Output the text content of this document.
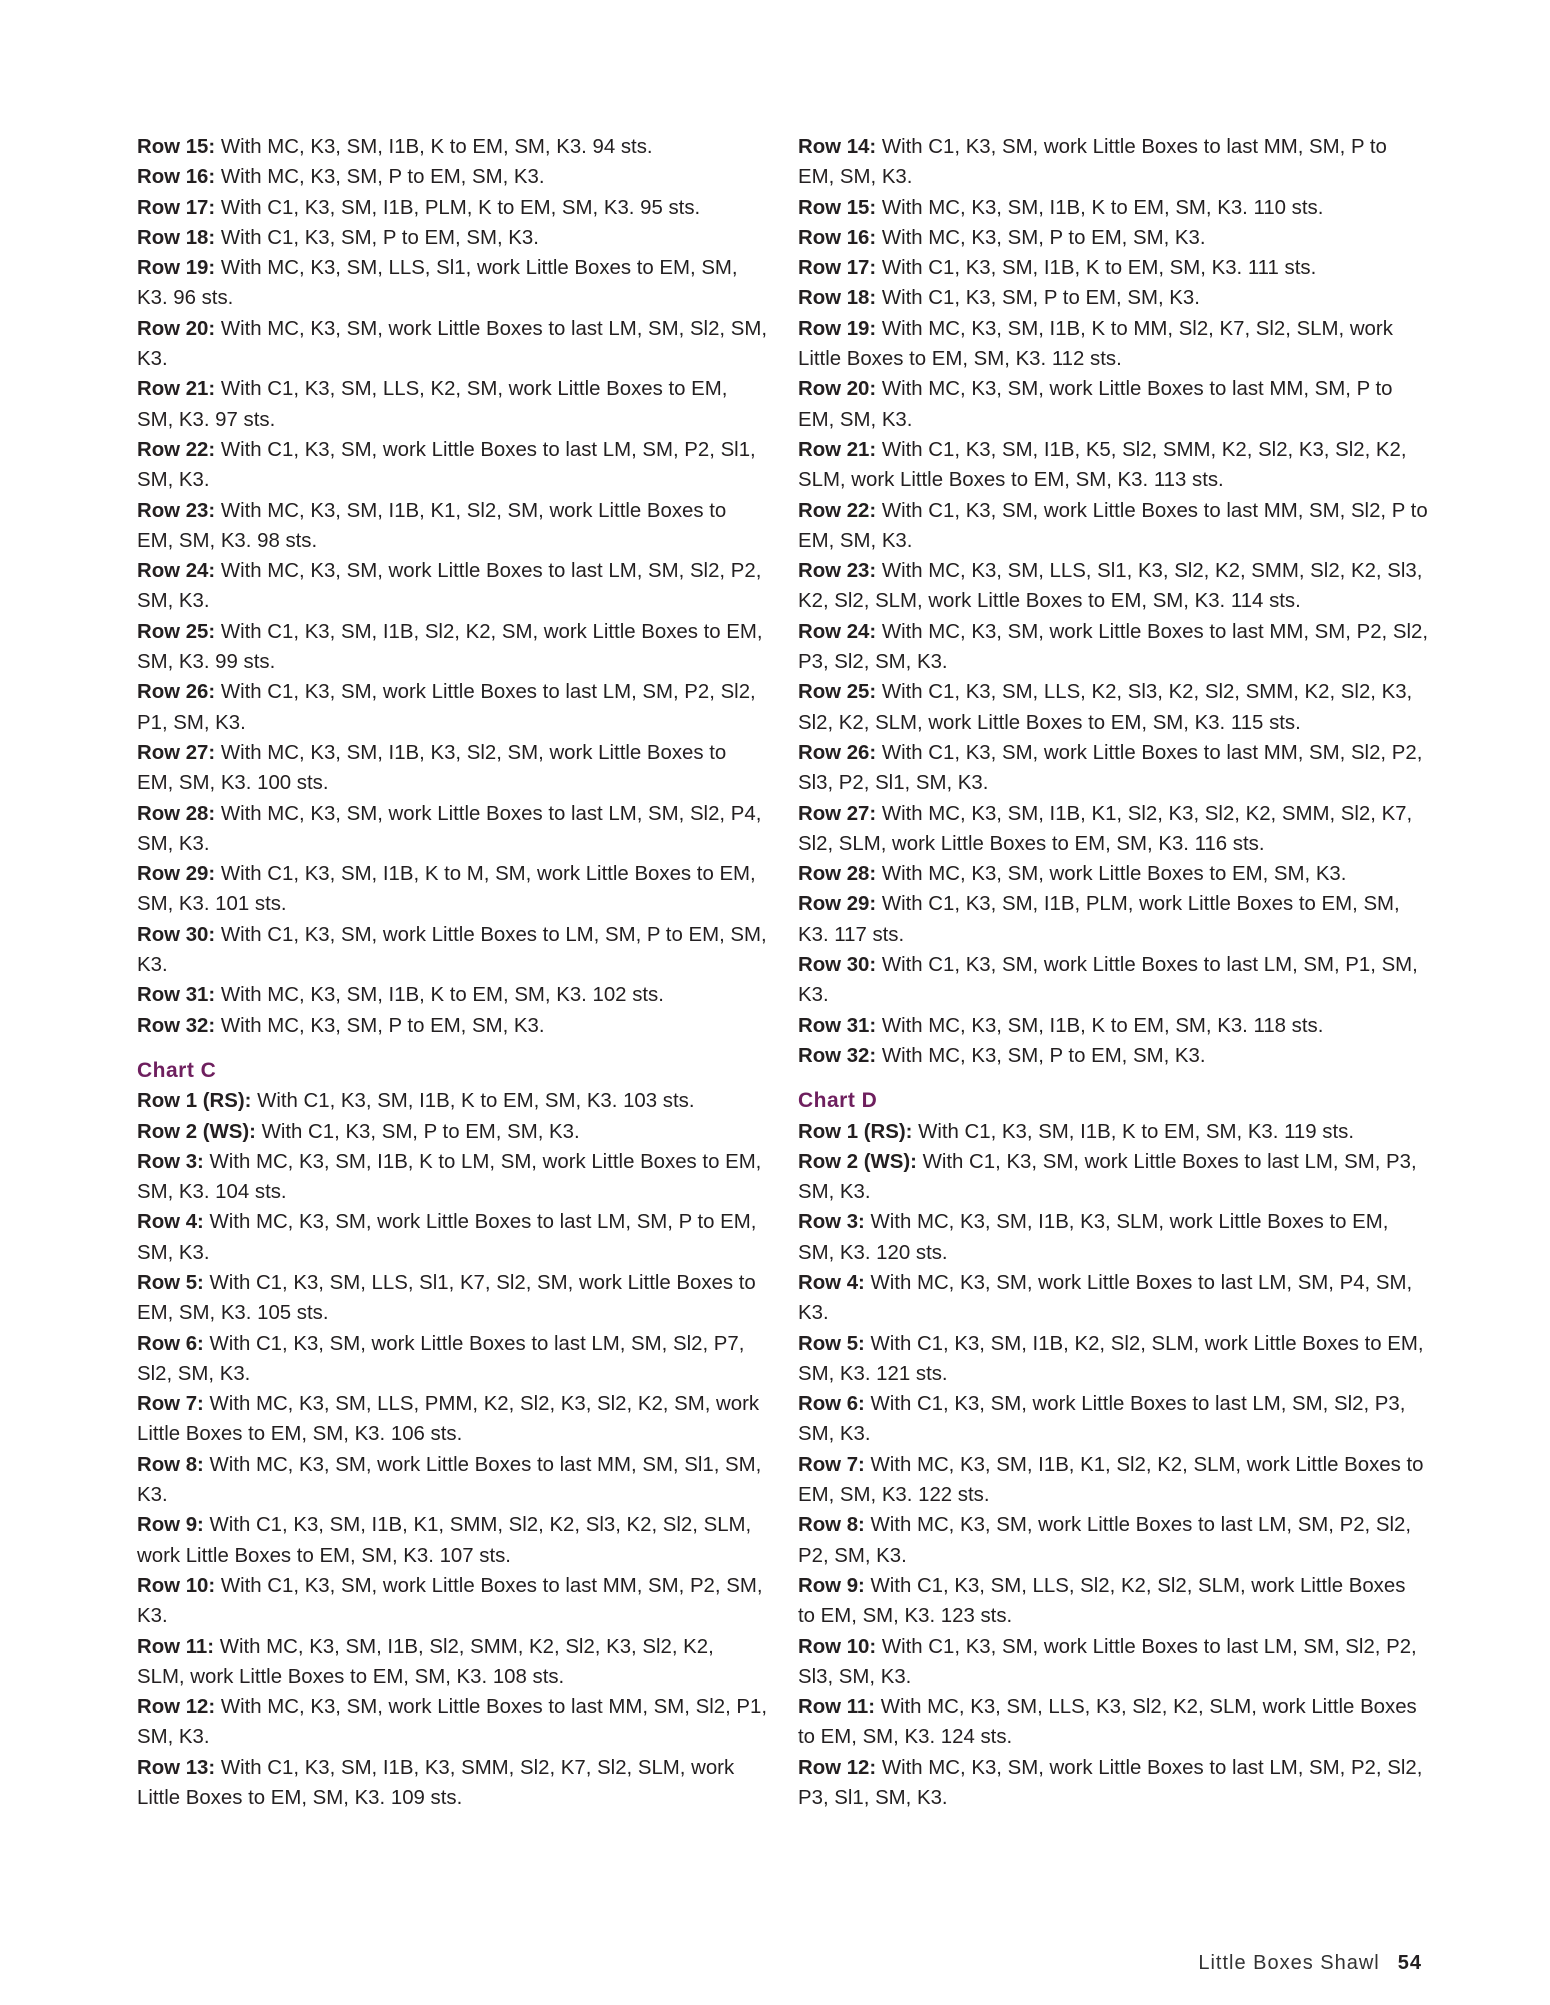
Row 15: With MC, K3, SM, I1B, K to EM, SM, K3. 94 sts.

Row 16: With MC, K3, SM, P to EM, SM, K3.

Row 17: With C1, K3, SM, I1B, PLM, K to EM, SM, K3. 95 sts.

Row 18: With C1, K3, SM, P to EM, SM, K3.

Row 19: With MC, K3, SM, LLS, Sl1, work Little Boxes to EM, SM, K3. 96 sts.

Row 20: With MC, K3, SM, work Little Boxes to last LM, SM, Sl2, SM, K3.

Row 21: With C1, K3, SM, LLS, K2, SM, work Little Boxes to EM, SM, K3. 97 sts.

Row 22: With C1, K3, SM, work Little Boxes to last LM, SM, P2, Sl1, SM, K3.

Row 23: With MC, K3, SM, I1B, K1, Sl2, SM, work Little Boxes to EM, SM, K3. 98 sts.

Row 24: With MC, K3, SM, work Little Boxes to last LM, SM, Sl2, P2, SM, K3.

Row 25: With C1, K3, SM, I1B, Sl2, K2, SM, work Little Boxes to EM, SM, K3. 99 sts.

Row 26: With C1, K3, SM, work Little Boxes to last LM, SM, P2, Sl2, P1, SM, K3.

Row 27: With MC, K3, SM, I1B, K3, Sl2, SM, work Little Boxes to EM, SM, K3. 100 sts.

Row 28: With MC, K3, SM, work Little Boxes to last LM, SM, Sl2, P4, SM, K3.

Row 29: With C1, K3, SM, I1B, K to M, SM, work Little Boxes to EM, SM, K3. 101 sts.

Row 30: With C1, K3, SM, work Little Boxes to LM, SM, P to EM, SM, K3.

Row 31: With MC, K3, SM, I1B, K to EM, SM, K3. 102 sts.

Row 32: With MC, K3, SM, P to EM, SM, K3.

Chart C

Row 1 (RS): With C1, K3, SM, I1B, K to EM, SM, K3. 103 sts.

Row 2 (WS): With C1, K3, SM, P to EM, SM, K3.

Row 3: With MC, K3, SM, I1B, K to LM, SM, work Little Boxes to EM, SM, K3. 104 sts.

Row 4: With MC, K3, SM, work Little Boxes to last LM, SM, P to EM, SM, K3.

Row 5: With C1, K3, SM, LLS, Sl1, K7, Sl2, SM, work Little Boxes to EM, SM, K3. 105 sts.

Row 6: With C1, K3, SM, work Little Boxes to last LM, SM, Sl2, P7, Sl2, SM, K3.

Row 7: With MC, K3, SM, LLS, PMM, K2, Sl2, K3, Sl2, K2, SM, work Little Boxes to EM, SM, K3. 106 sts.

Row 8: With MC, K3, SM, work Little Boxes to last MM, SM, Sl1, SM, K3.

Row 9: With C1, K3, SM, I1B, K1, SMM, Sl2, K2, Sl3, K2, Sl2, SLM, work Little Boxes to EM, SM, K3. 107 sts.

Row 10: With C1, K3, SM, work Little Boxes to last MM, SM, P2, SM, K3.

Row 11: With MC, K3, SM, I1B, Sl2, SMM, K2, Sl2, K3, Sl2, K2, SLM, work Little Boxes to EM, SM, K3. 108 sts.

Row 12: With MC, K3, SM, work Little Boxes to last MM, SM, Sl2, P1, SM, K3.

Row 13: With C1, K3, SM, I1B, K3, SMM, Sl2, K7, Sl2, SLM, work Little Boxes to EM, SM, K3. 109 sts.

Row 14: With C1, K3, SM, work Little Boxes to last MM, SM, P to EM, SM, K3.

Row 15: With MC, K3, SM, I1B, K to EM, SM, K3. 110 sts.

Row 16: With MC, K3, SM, P to EM, SM, K3.

Row 17: With C1, K3, SM, I1B, K to EM, SM, K3. 111 sts.

Row 18: With C1, K3, SM, P to EM, SM, K3.

Row 19: With MC, K3, SM, I1B, K to MM, Sl2, K7, Sl2, SLM, work Little Boxes to EM, SM, K3. 112 sts.

Row 20: With MC, K3, SM, work Little Boxes to last MM, SM, P to EM, SM, K3.

Row 21: With C1, K3, SM, I1B, K5, Sl2, SMM, K2, Sl2, K3, Sl2, K2, SLM, work Little Boxes to EM, SM, K3. 113 sts.

Row 22: With C1, K3, SM, work Little Boxes to last MM, SM, Sl2, P to EM, SM, K3.

Row 23: With MC, K3, SM, LLS, Sl1, K3, Sl2, K2, SMM, Sl2, K2, Sl3, K2, Sl2, SLM, work Little Boxes to EM, SM, K3. 114 sts.

Row 24: With MC, K3, SM, work Little Boxes to last MM, SM, P2, Sl2, P3, Sl2, SM, K3.

Row 25: With C1, K3, SM, LLS, K2, Sl3, K2, Sl2, SMM, K2, Sl2, K3, Sl2, K2, SLM, work Little Boxes to EM, SM, K3. 115 sts.

Row 26: With C1, K3, SM, work Little Boxes to last MM, SM, Sl2, P2, Sl3, P2, Sl1, SM, K3.

Row 27: With MC, K3, SM, I1B, K1, Sl2, K3, Sl2, K2, SMM, Sl2, K7, Sl2, SLM, work Little Boxes to EM, SM, K3. 116 sts.

Row 28: With MC, K3, SM, work Little Boxes to EM, SM, K3.

Row 29: With C1, K3, SM, I1B, PLM, work Little Boxes to EM, SM, K3. 117 sts.

Row 30: With C1, K3, SM, work Little Boxes to last LM, SM, P1, SM, K3.

Row 31: With MC, K3, SM, I1B, K to EM, SM, K3. 118 sts.

Row 32: With MC, K3, SM, P to EM, SM, K3.

Chart D

Row 1 (RS): With C1, K3, SM, I1B, K to EM, SM, K3. 119 sts.

Row 2 (WS): With C1, K3, SM, work Little Boxes to last LM, SM, P3, SM, K3.

Row 3: With MC, K3, SM, I1B, K3, SLM, work Little Boxes to EM, SM, K3. 120 sts.

Row 4: With MC, K3, SM, work Little Boxes to last LM, SM, P4, SM, K3.

Row 5: With C1, K3, SM, I1B, K2, Sl2, SLM, work Little Boxes to EM, SM, K3. 121 sts.

Row 6: With C1, K3, SM, work Little Boxes to last LM, SM, Sl2, P3, SM, K3.

Row 7: With MC, K3, SM, I1B, K1, Sl2, K2, SLM, work Little Boxes to EM, SM, K3. 122 sts.

Row 8: With MC, K3, SM, work Little Boxes to last LM, SM, P2, Sl2, P2, SM, K3.

Row 9: With C1, K3, SM, LLS, Sl2, K2, Sl2, SLM, work Little Boxes to EM, SM, K3. 123 sts.

Row 10: With C1, K3, SM, work Little Boxes to last LM, SM, Sl2, P2, Sl3, SM, K3.

Row 11: With MC, K3, SM, LLS, K3, Sl2, K2, SLM, work Little Boxes to EM, SM, K3. 124 sts.

Row 12: With MC, K3, SM, work Little Boxes to last LM, SM, P2, Sl2, P3, Sl1, SM, K3.

Little Boxes Shawl 54
